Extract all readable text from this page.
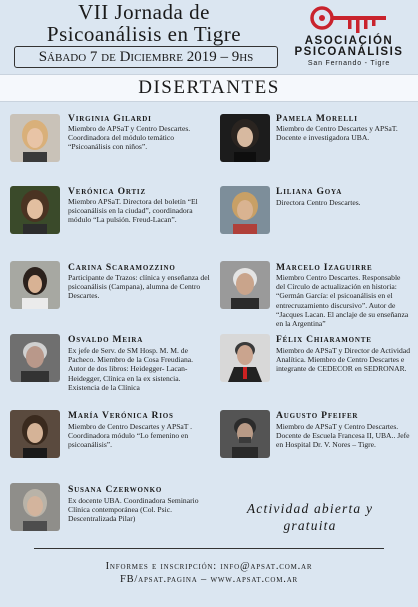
VII Jornada de
Psicoanálisis en Tigre
Sábado 7 de Diciembre 2019 – 9hs
ASOCIACIÓN
PSICOANÁLISIS
San Fernando - Tigre
DISERTANTES
Virginia Gilardi
Miembro de APSaT y Centro Descartes. Coordinadora del módulo temático “Psicoanálisis con niños”.
Pamela Morelli
Miembro de Centro Descartes y APSaT. Docente e investigadora UBA.
Verónica Ortiz
Miembro APSaT. Directora del boletín “El psicoanálisis en la ciudad”, coordinadora módulo “La pulsión. Freud-Lacan”.
Liliana Goya
Directora Centro Descartes.
Carina Scaramozzino
Participante de Trazos: clínica y enseñanza del psicoanálisis (Campana), alumna de Centro Descartes.
Marcelo Izaguirre
Miembro Centro Descartes. Responsable del Círculo de actualización en historia: “Germán García: el psicoanálisis en el entrecruzamiento discursivo”. Autor de “Jacques Lacan. El anclaje de su enseñanza en la Argentina”
Osvaldo Meira
Ex jefe de Serv. de SM Hosp. M. M. de Pacheco. Miembro de la Cosa Freudiana. Autor de dos libros: Heidegger- Lacan- Heidegger, Clínica en la ex sistencia. Existencia de la Clínica
Félix Chiaramonte
Miembro de APSaT y Director de Actividad Analítica. Miembro de Centro Descartes e integrante de CEDECOR en SEDRONAR.
María Verónica Rios
Miembro de Centro Descartes y APSaT . Coordinadora módulo “Lo femenino en psicoanálisis”.
Augusto Pfeifer
Miembro de APSaT y Centro Descartes. Docente de Escuela Francesa II, UBA.. Jefe en Hospital Dr. V. Nores – Tigre.
Susana Czerwonko
Ex docente UBA. Coordinadora Seminario Clínica contemporánea (Col. Psic. Descentralizada Pilar)
Actividad abierta y
gratuita
Informes e inscripción: info@apsat.com.ar
FB/apsat.pagina – www.apsat.com.ar
